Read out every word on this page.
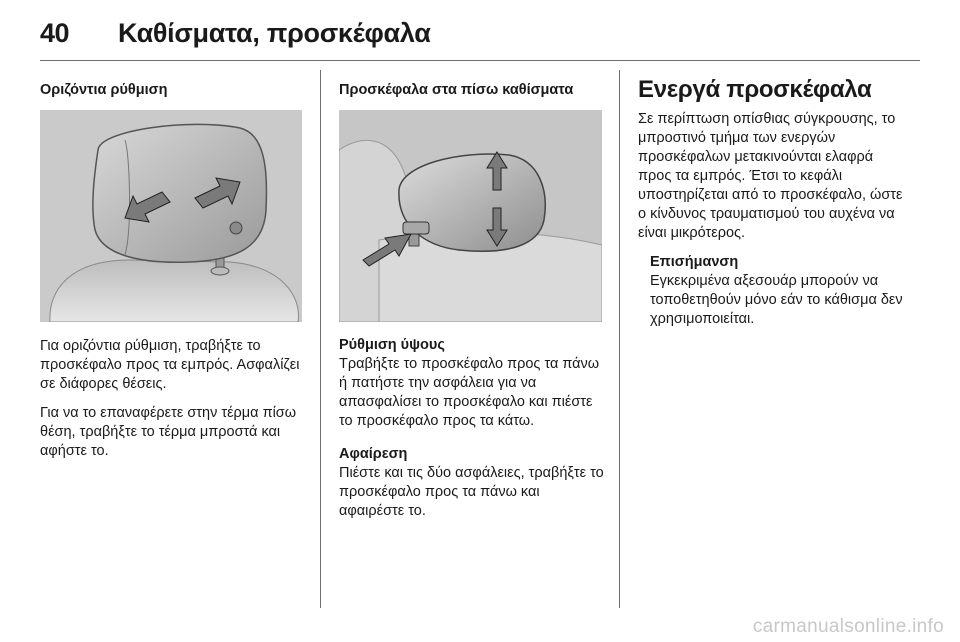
40 Καθίσματα, προσκέφαλα
Οριζόντια ρύθμιση

Για οριζόντια ρύθμιση, τραβήξτε το προσκέφαλο προς τα εμπρός. Ασφαλίζει σε διάφορες θέσεις.

Για να το επαναφέρετε στην τέρμα πίσω θέση, τραβήξτε το τέρμα μπροστά και αφήστε το.

Προσκέφαλα στα πίσω καθίσματα
Ρύθμιση ύψους

Τραβήξτε το προσκέφαλο προς τα πάνω ή πατήστε την ασφάλεια για να απασφαλίσει το προσκέφαλο και πιέστε το προσκέφαλο προς τα κάτω.

Αφαίρεση

Πιέστε και τις δύο ασφάλειες, τραβήξτε το προσκέφαλο προς τα πάνω και αφαιρέστε το.

Ενεργά προσκέφαλα

Σε περίπτωση οπίσθιας σύγκρουσης, το μπροστινό τμήμα των ενεργών προσκέφαλων μετακινούνται ελαφρά προς τα εμπρός. Έτσι το κεφάλι υποστηρίζεται από το προσκέφαλο, ώστε ο κίνδυνος τραυματισμού του αυχένα να είναι μικρότερος.

Επισήμανση
Εγκεκριμένα αξεσουάρ μπορούν να τοποθετηθούν μόνο εάν το κάθισμα δεν χρησιμοποιείται.
carmanualsonline.info
